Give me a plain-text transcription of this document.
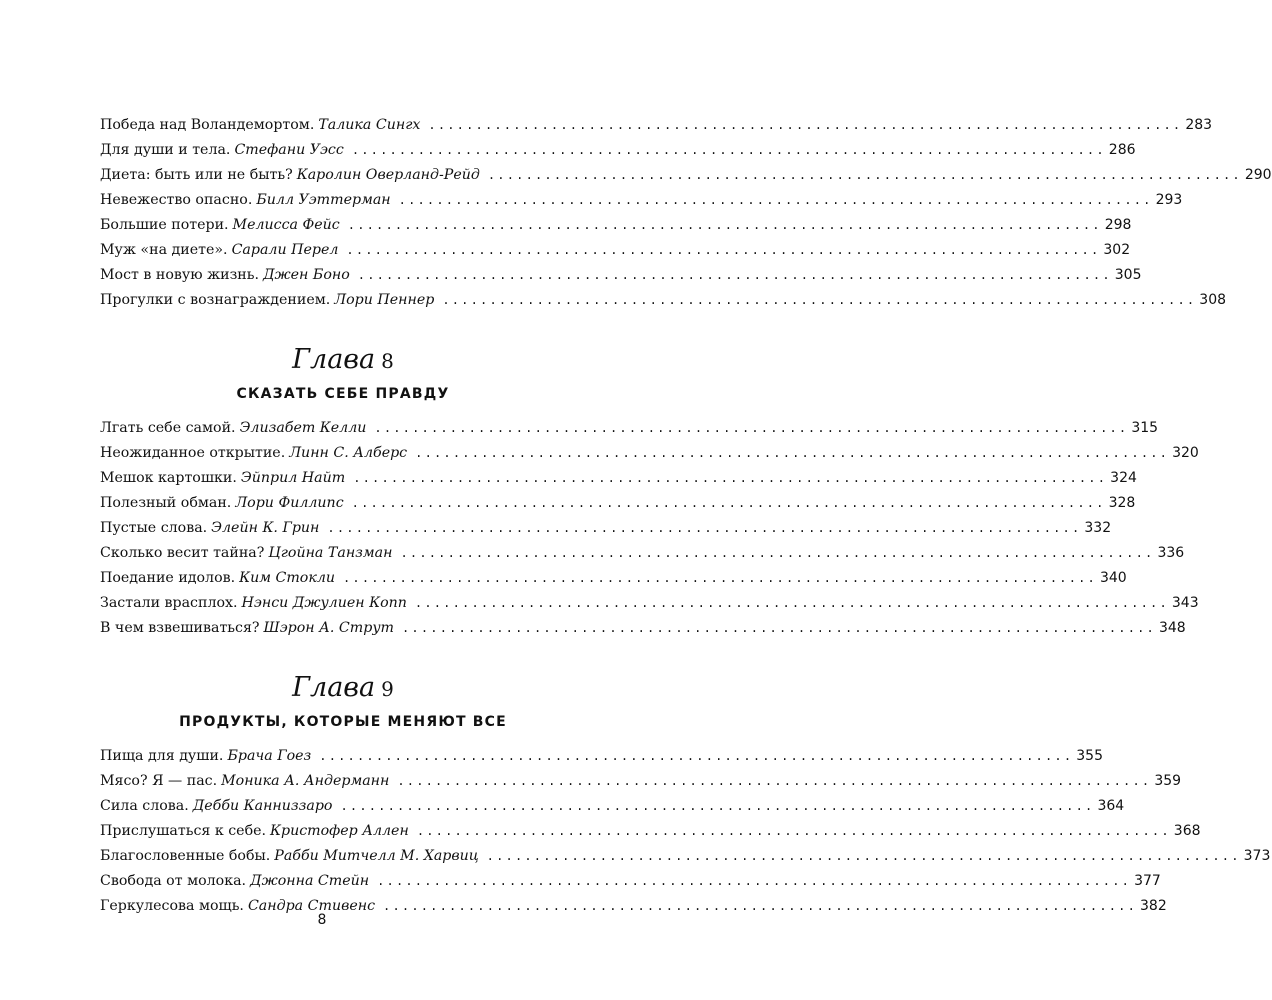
Победа над Воландемортом. Талика Сингх ................................................................................ 283
Для души и тела. Стефани Уэсс ................................................................................ 286
Диета: быть или не быть? Каролин Оверланд-Рейд ................................................................................ 290
Невежество опасно. Билл Уэттерман ................................................................................ 293
Большие потери. Мелисса Фейс ................................................................................ 298
Муж «на диете». Сарали Перел ................................................................................ 302
Мост в новую жизнь. Джен Боно ................................................................................ 305
Прогулки с вознаграждением. Лори Пеннер ................................................................................ 308
Глава 8
СКАЗАТЬ СЕБЕ ПРАВДУ
Лгать себе самой. Элизабет Келли ................................................................................ 315
Неожиданное открытие. Линн С. Алберс ................................................................................ 320
Мешок картошки. Эйприл Найт ................................................................................ 324
Полезный обман. Лори Филлипс ................................................................................ 328
Пустые слова. Элейн К. Грин ................................................................................ 332
Сколько весит тайна? Цгойна Танзман ................................................................................ 336
Поедание идолов. Ким Стокли ................................................................................ 340
Застали врасплох. Нэнси Джулиен Копп ................................................................................ 343
В чем взвешиваться? Шэрон А. Струт ................................................................................ 348
Глава 9
ПРОДУКТЫ, КОТОРЫЕ МЕНЯЮТ ВСЕ
Пища для души. Брача Гоез ................................................................................ 355
Мясо? Я — пас. Моника А. Андерманн ................................................................................ 359
Сила слова. Дебби Канниззаро ................................................................................ 364
Прислушаться к себе. Кристофер Аллен ................................................................................ 368
Благословенные бобы. Рабби Митчелл М. Харвиц ................................................................................ 373
Свобода от молока. Джонна Стейн ................................................................................ 377
Геркулесова мощь. Сандра Стивенс ................................................................................ 382
8
